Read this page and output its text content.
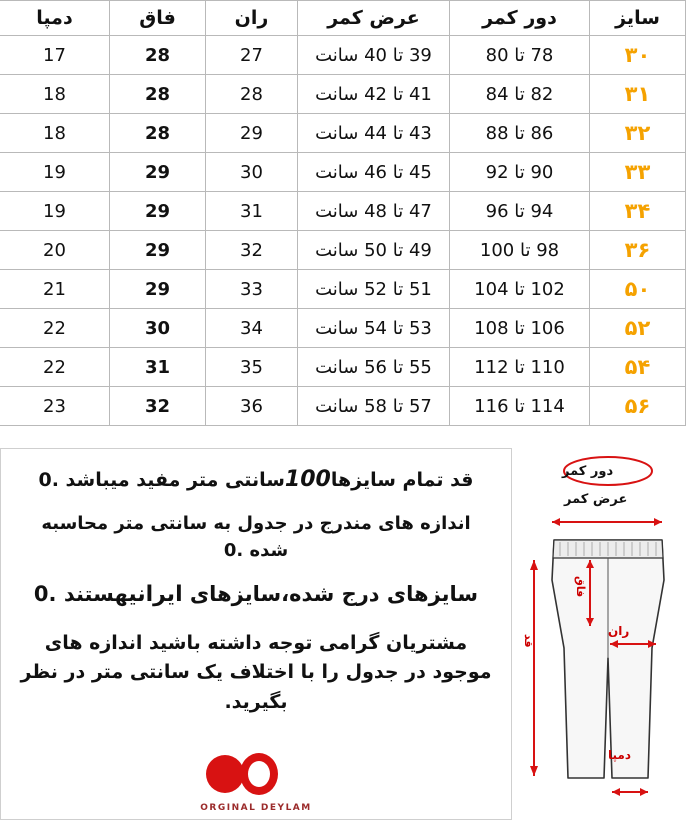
سایز	دور کمر	عرض کمر	ران	فاق	دمپا
۳۰	78 تا 80	39 تا 40 سانت	27	28	17
۳۱	82 تا 84	41 تا 42 سانت	28	28	18
۳۲	86 تا 88	43 تا 44 سانت	29	28	18
۳۳	90 تا 92	45 تا 46 سانت	30	29	19
۳۴	94 تا 96	47 تا 48 سانت	31	29	19
۳۶	98 تا 100	49 تا 50 سانت	32	29	20
۵۰	102 تا 104	51 تا 52 سانت	33	29	21
۵۲	106 تا 108	53 تا 54 سانت	34	30	22
۵۴	110 تا 112	55 تا 56 سانت	35	31	22
۵۶	114 تا 116	57 تا 58 سانت	36	32	23

قد تمام سایزها100سانتی متر مفید میباشد .0

اندازه های مندرج در جدول به سانتی متر محاسبه شده .0

سایزهای درج شده،سایزهای ایرانیهستند .0

مشتریان گرامی توجه داشته باشید اندازه های موجود در جدول را با اختلاف یک سانتی متر در نظر بگیرید.

ORGINAL DEYLAM
دور کمر
عرض کمر
ران
فاق
قد
دمپا
